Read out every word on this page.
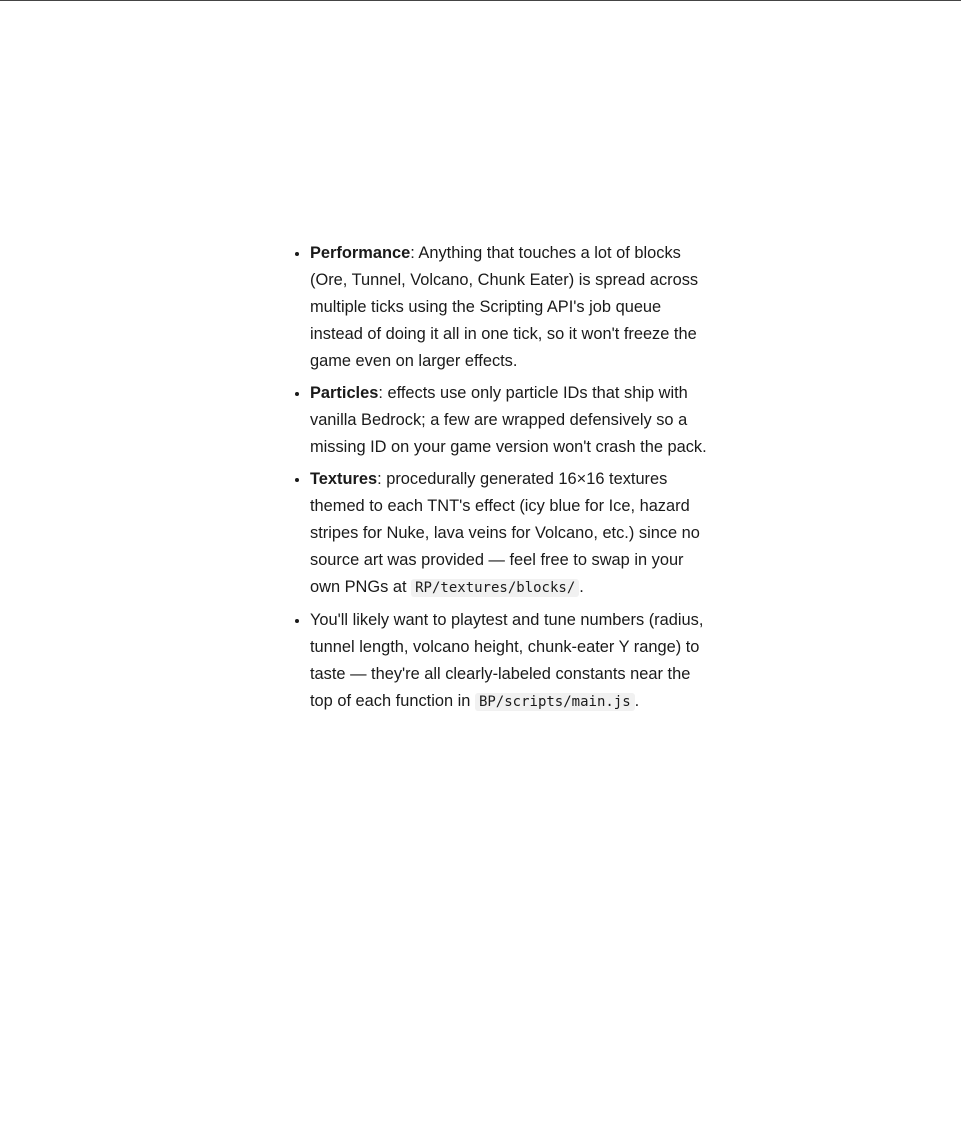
• Performance: Anything that touches a lot of blocks (Ore, Tunnel, Volcano, Chunk Eater) is spread across multiple ticks using the Scripting API's job queue instead of doing it all in one tick, so it won't freeze the game even on larger effects.
• Particles: effects use only particle IDs that ship with vanilla Bedrock; a few are wrapped defensively so a missing ID on your game version won't crash the pack.
• Textures: procedurally generated 16×16 textures themed to each TNT's effect (icy blue for Ice, hazard stripes for Nuke, lava veins for Volcano, etc.) since no source art was provided — feel free to swap in your own PNGs at RP/textures/blocks/ .
• You'll likely want to playtest and tune numbers (radius, tunnel length, volcano height, chunk-eater Y range) to taste — they're all clearly-labeled constants near the top of each function in BP/scripts/main.js .
